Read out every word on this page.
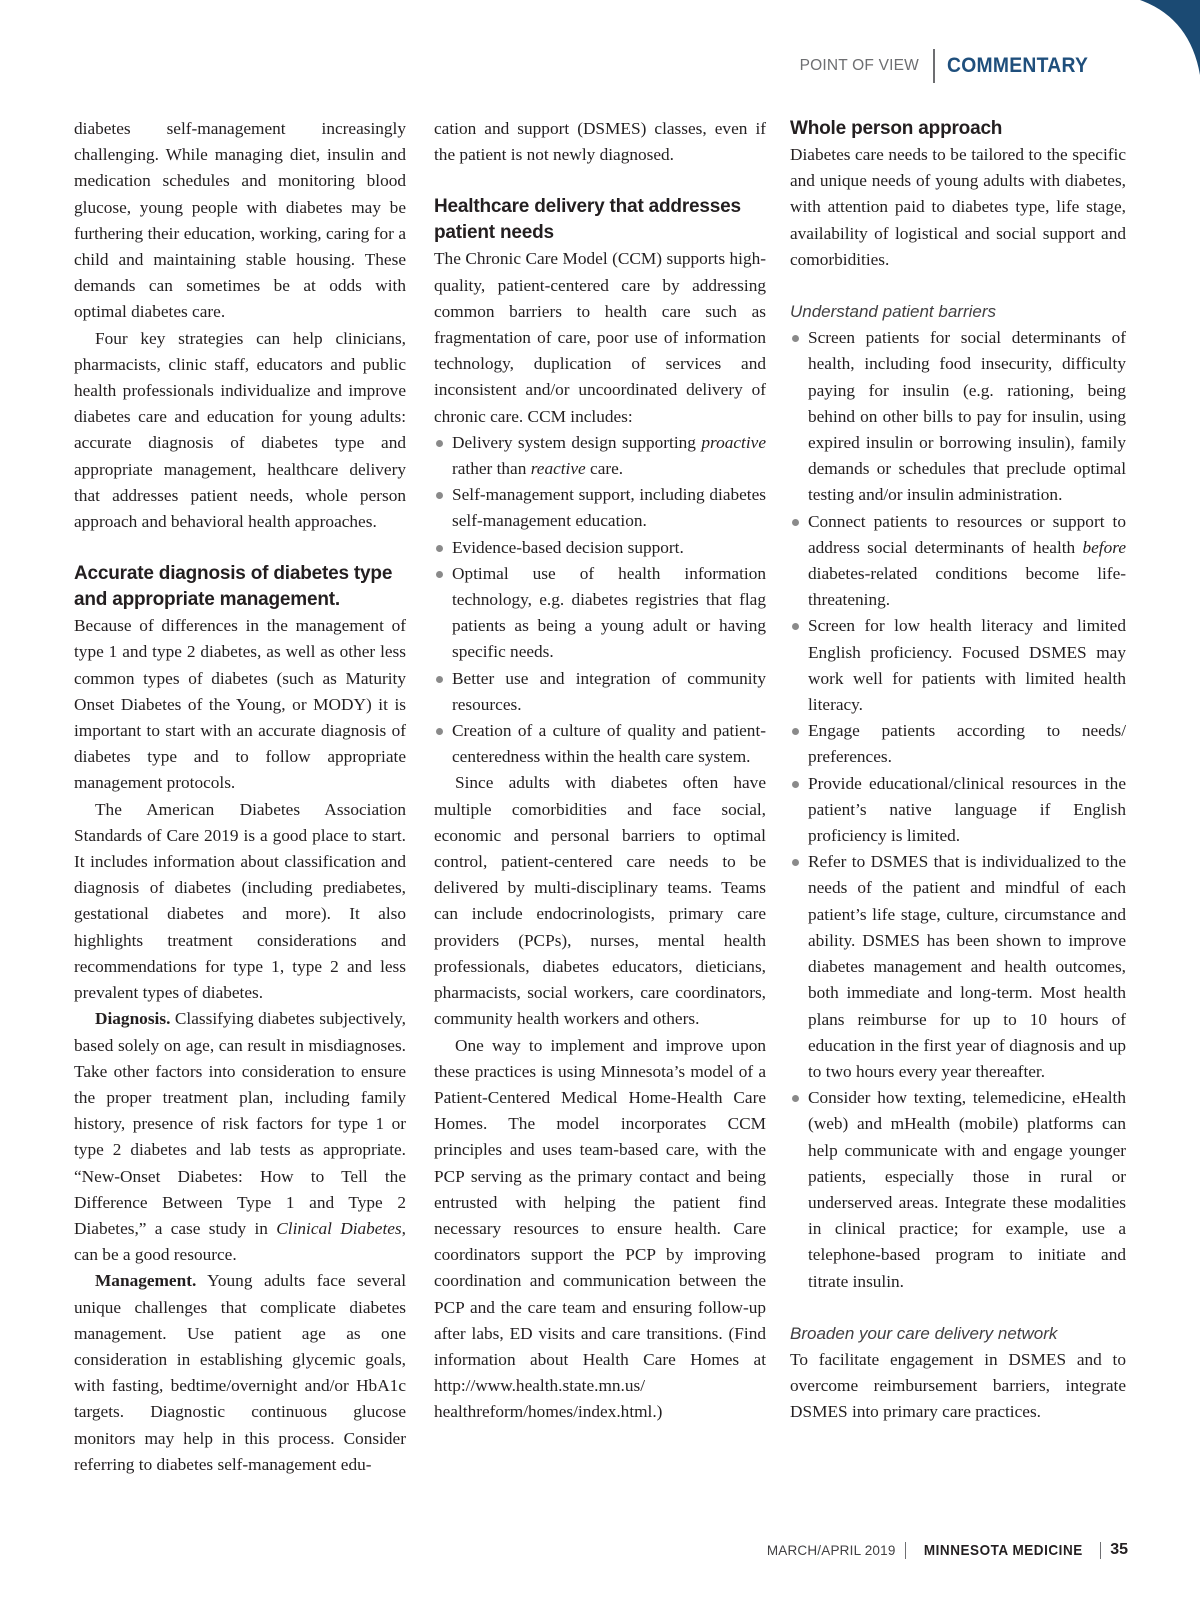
POINT OF VIEW COMMENTARY

diabetes self-management increasingly challenging. While managing diet, insulin and medication schedules and monitoring blood glucose, young people with diabetes may be furthering their education, working, caring for a child and maintaining stable housing. These demands can sometimes be at odds with optimal diabetes care.

Four key strategies can help clinicians, pharmacists, clinic staff, educators and public health professionals individualize and improve diabetes care and education for young adults: accurate diagnosis of diabetes type and appropriate management, healthcare delivery that addresses patient needs, whole person approach and behavioral health approaches.

Accurate diagnosis of diabetes type and appropriate management.

Because of differences in the management of type 1 and type 2 diabetes, as well as other less common types of diabetes (such as Maturity Onset Diabetes of the Young, or MODY) it is important to start with an accurate diagnosis of diabetes type and to follow appropriate management protocols.

The American Diabetes Association Standards of Care 2019 is a good place to start. It includes information about classification and diagnosis of diabetes (including prediabetes, gestational diabetes and more). It also highlights treatment considerations and recommendations for type 1, type 2 and less prevalent types of diabetes.

Diagnosis. Classifying diabetes subjectively, based solely on age, can result in misdiagnoses. Take other factors into consideration to ensure the proper treatment plan, including family history, presence of risk factors for type 1 or type 2 diabetes and lab tests as appropriate. “New-Onset Diabetes: How to Tell the Difference Between Type 1 and Type 2 Diabetes,” a case study in Clinical Diabetes, can be a good resource.

Management. Young adults face several unique challenges that complicate diabetes management. Use patient age as one consideration in establishing glycemic goals, with fasting, bedtime/overnight and/or HbA1c targets. Diagnostic continuous glucose monitors may help in this process. Consider referring to diabetes self-management edu-

cation and support (DSMES) classes, even if the patient is not newly diagnosed.

Healthcare delivery that addresses patient needs

The Chronic Care Model (CCM) supports high-quality, patient-centered care by addressing common barriers to health care such as fragmentation of care, poor use of information technology, duplication of services and inconsistent and/or uncoordinated delivery of chronic care. CCM includes:

Delivery system design supporting proactive rather than reactive care.
Self-management support, including diabetes self-management education.
Evidence-based decision support.
Optimal use of health information technology, e.g. diabetes registries that flag patients as being a young adult or having specific needs.
Better use and integration of community resources.
Creation of a culture of quality and patient-centeredness within the health care system.

Since adults with diabetes often have multiple comorbidities and face social, economic and personal barriers to optimal control, patient-centered care needs to be delivered by multi-disciplinary teams. Teams can include endocrinologists, primary care providers (PCPs), nurses, mental health professionals, diabetes educators, dieticians, pharmacists, social workers, care coordinators, community health workers and others.

One way to implement and improve upon these practices is using Minnesota’s model of a Patient-Centered Medical Home-Health Care Homes. The model incorporates CCM principles and uses team-based care, with the PCP serving as the primary contact and being entrusted with helping the patient find necessary resources to ensure health. Care coordinators support the PCP by improving coordination and communication between the PCP and the care team and ensuring follow-up after labs, ED visits and care transitions. (Find information about Health Care Homes at http://www.health.state.mn.us/ healthreform/homes/index.html.)

Whole person approach

Diabetes care needs to be tailored to the specific and unique needs of young adults with diabetes, with attention paid to diabetes type, life stage, availability of logistical and social support and comorbidities.

Understand patient barriers
Screen patients for social determinants of health, including food insecurity, difficulty paying for insulin (e.g. rationing, being behind on other bills to pay for insulin, using expired insulin or borrowing insulin), family demands or schedules that preclude optimal testing and/or insulin administration.
Connect patients to resources or support to address social determinants of health before diabetes-related conditions become life-threatening.
Screen for low health literacy and limited English proficiency. Focused DSMES may work well for patients with limited health literacy.
Engage patients according to needs/ preferences.
Provide educational/clinical resources in the patient’s native language if English proficiency is limited.
Refer to DSMES that is individualized to the needs of the patient and mindful of each patient’s life stage, culture, circumstance and ability. DSMES has been shown to improve diabetes management and health outcomes, both immediate and long-term. Most health plans reimburse for up to 10 hours of education in the first year of diagnosis and up to two hours every year thereafter.
Consider how texting, telemedicine, eHealth (web) and mHealth (mobile) platforms can help communicate with and engage younger patients, especially those in rural or underserved areas. Integrate these modalities in clinical practice; for example, use a telephone-based program to initiate and titrate insulin.
Broaden your care delivery network

To facilitate engagement in DSMES and to overcome reimbursement barriers, integrate DSMES into primary care practices.

MARCH/APRIL 2019 MINNESOTA MEDICINE 35
